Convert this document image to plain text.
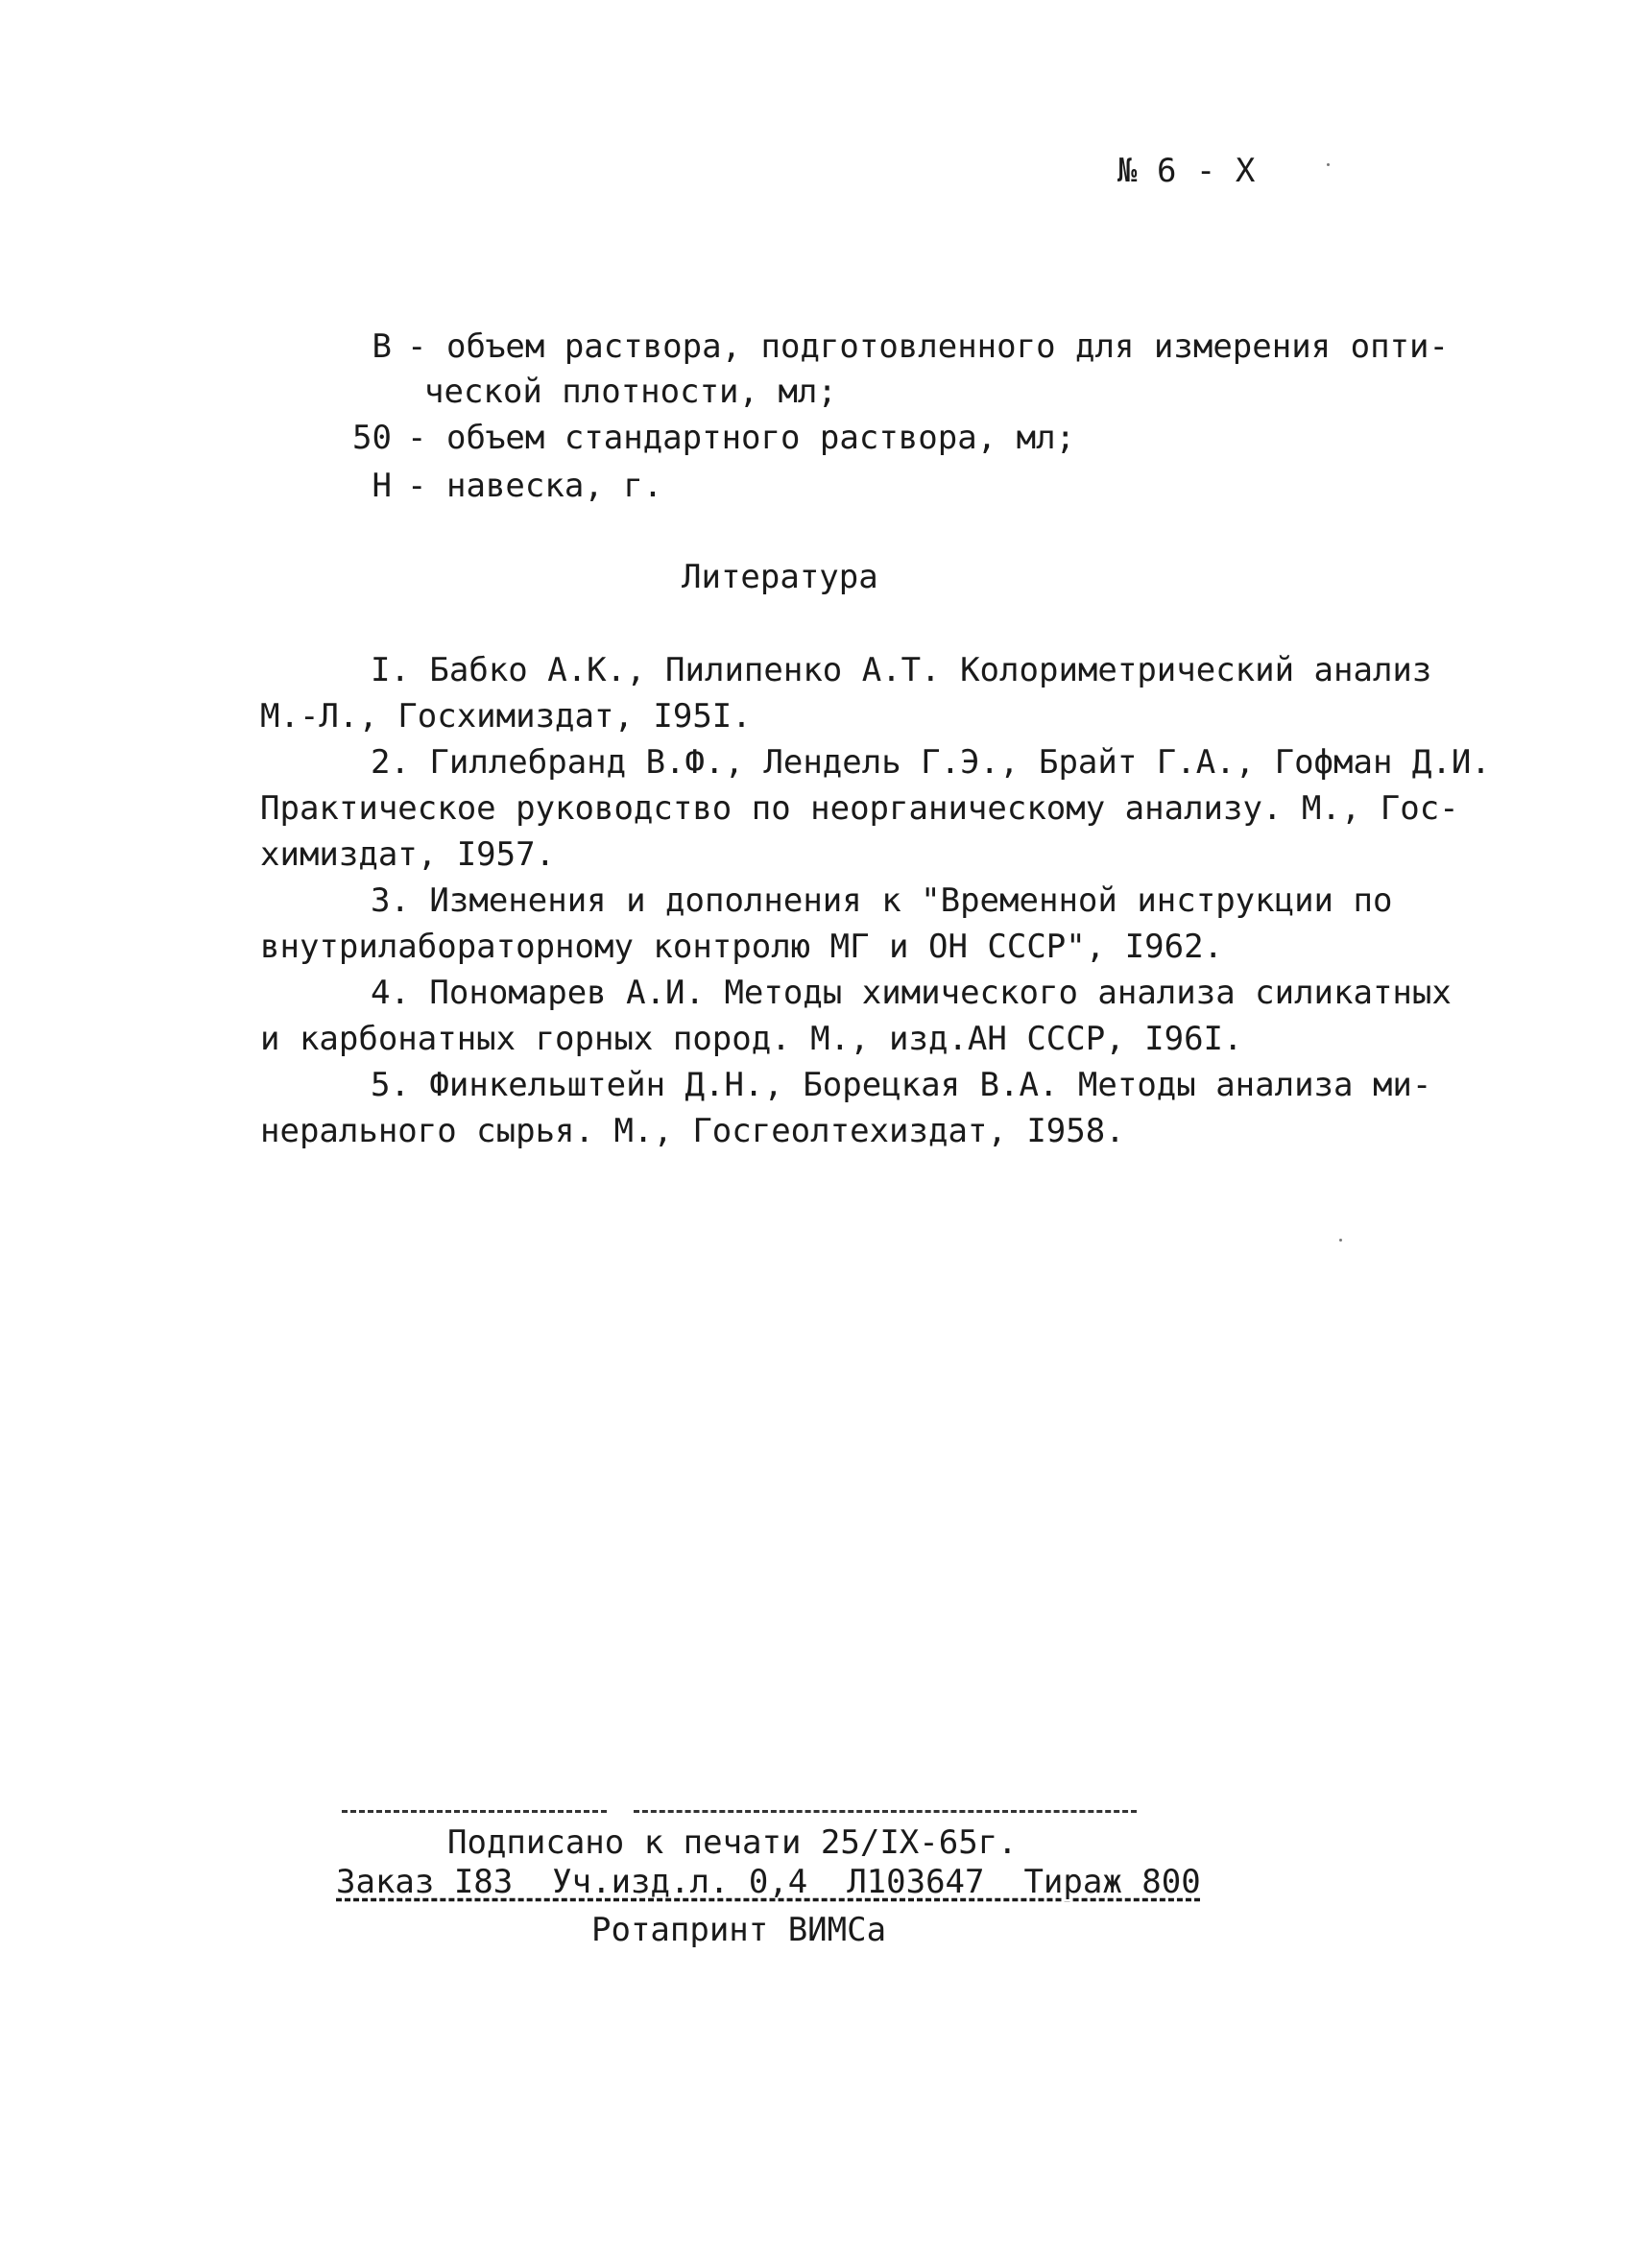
№ 6 - Х
В - объем раствора, подготовленного для измерения опти-
ческой плотности, мл;
50 - объем стандартного раствора, мл;
Н - навеска, г.
Литература
I. Бабко А.К., Пилипенко А.Т. Колориметрический анализ
М.-Л., Госхимиздат, I95I.
2. Гиллебранд В.Ф., Лендель Г.Э., Брайт Г.А., Гофман Д.И.
Практическое руководство по неорганическому анализу. М., Гос-
химиздат, I957.
3. Изменения и дополнения к "Временной инструкции по
внутрилабораторному контролю МГ и ОН СССР", I962.
4. Пономарев А.И. Методы химического анализа силикатных
и карбонатных горных пород. М., изд.АН СССР, I96I.
5. Финкельштейн Д.Н., Борецкая В.А. Методы анализа ми-
нерального сырья. М., Госгеолтехиздат, I958.
Подписано к печати 25/IХ-65г.
Заказ I83  Уч.изд.л. 0,4  Л103647  Тираж 800
Ротапринт ВИМСа
